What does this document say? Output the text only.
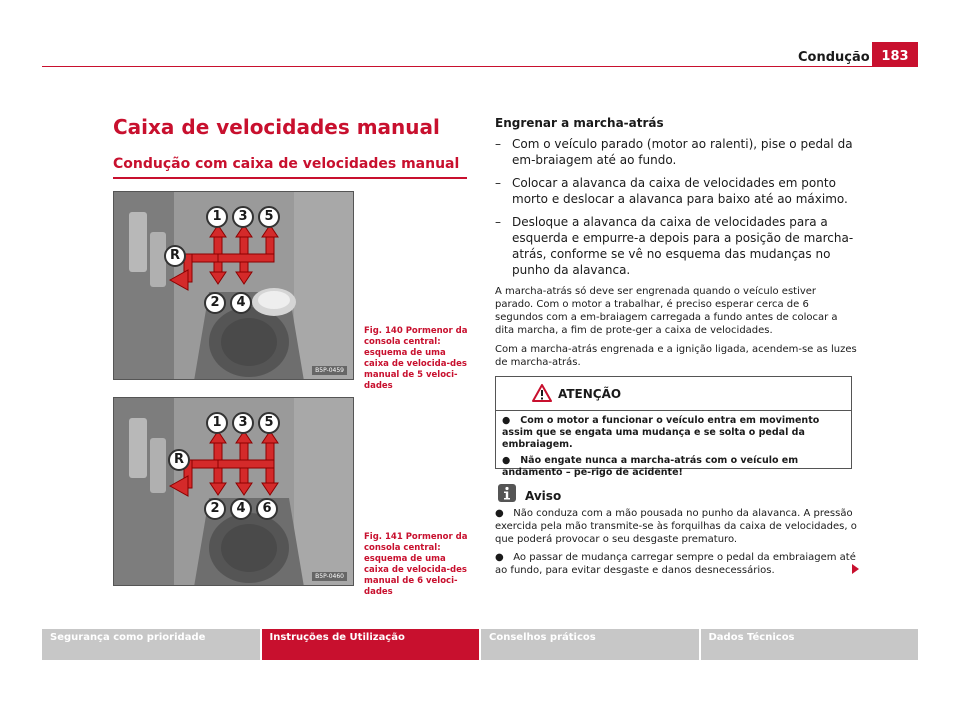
Condução 183
Caixa de velocidades manual
Condução com caixa de velocidades manual
1	3	5
R
2	4
B5P-0459
Fig. 140 Pormenor da consola central: esquema de uma caixa de velocida-des manual de 5 veloci-dades
1	3	5
R
2	4	6
B5P-0460
Fig. 141 Pormenor da consola central: esquema de uma caixa de velocida-des manual de 6 veloci-dades
Engrenar a marcha-atrás
– Com o veículo parado (motor ao ralenti), pise o pedal da em-braiagem até ao fundo.
– Colocar a alavanca da caixa de velocidades em ponto morto e deslocar a alavanca para baixo até ao máximo.
– Desloque a alavanca da caixa de velocidades para a esquerda e empurre-a depois para a posição de marcha-atrás, conforme se vê no esquema das mudanças no punho da alavanca.

A marcha-atrás só deve ser engrenada quando o veículo estiver parado. Com o motor a trabalhar, é preciso esperar cerca de 6 segundos com a em-braiagem carregada a fundo antes de colocar a dita marcha, a fim de prote-ger a caixa de velocidades.

Com a marcha-atrás engrenada e a ignição ligada, acendem-se as luzes de marcha-atrás.

ATENÇÃO

●   Com o motor a funcionar o veículo entra em movimento assim que se engata uma mudança e se solta o pedal da embraiagem.

●   Não engate nunca a marcha-atrás com o veículo em andamento – pe-rigo de acidente!

Aviso

●   Não conduza com a mão pousada no punho da alavanca. A pressão exercida pela mão transmite-se às forquilhas da caixa de velocidades, o que poderá provocar o seu desgaste prematuro.

●   Ao passar de mudança carregar sempre o pedal da embraiagem até ao fundo, para evitar desgaste e danos desnecessários.

Segurança como prioridade	Instruções de Utilização	Conselhos práticos	Dados Técnicos
